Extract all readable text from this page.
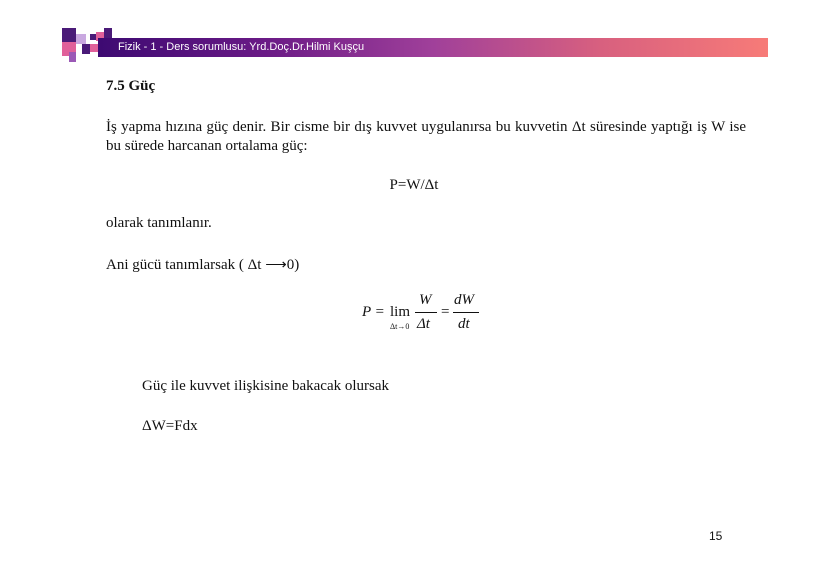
Fizik - 1 - Ders sorumlusu: Yrd.Doç.Dr.Hilmi Kuşçu
7.5 Güç
İş yapma hızına güç denir. Bir cisme bir dış kuvvet uygulanırsa bu kuvvetin Δt süresinde yaptığı iş W ise bu sürede harcanan ortalama güç:
P=W/Δt
olarak tanımlanır.
Ani gücü tanımlarsak ( Δt ⟶0)
P = lim
Δt→0
W
Δt
=
dW
dt
Güç ile kuvvet ilişkisine bakacak olursak
ΔW=Fdx
15
